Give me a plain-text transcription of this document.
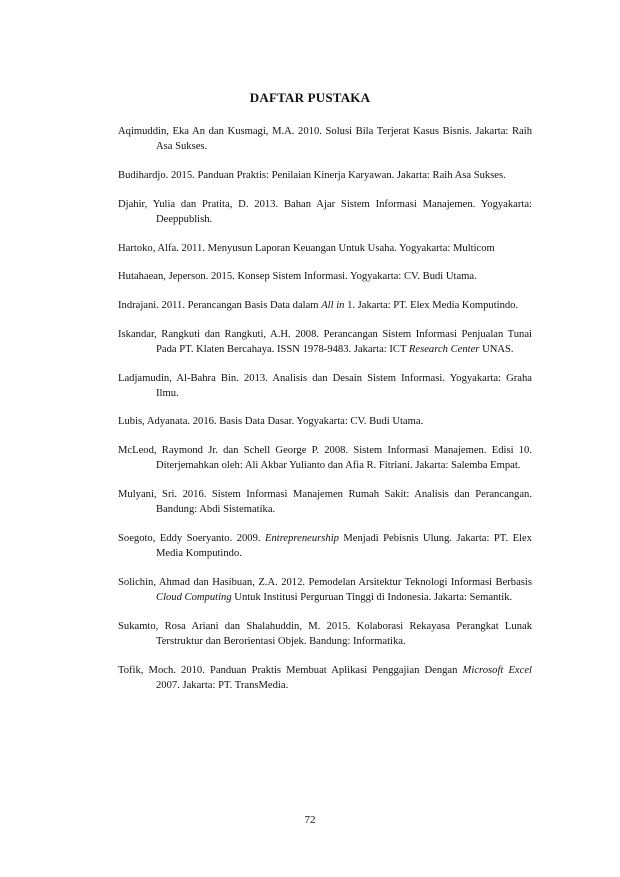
DAFTAR PUSTAKA

Aqimuddin, Eka An dan Kusmagi, M.A. 2010. Solusi Bila Terjerat Kasus Bisnis. Jakarta: Raih Asa Sukses.

Budihardjo. 2015. Panduan Praktis: Penilaian Kinerja Karyawan. Jakarta: Raih Asa Sukses.

Djahir, Yulia dan Pratita, D. 2013. Bahan Ajar Sistem Informasi Manajemen. Yogyakarta: Deeppublish.

Hartoko, Alfa. 2011. Menyusun Laporan Keuangan Untuk Usaha. Yogyakarta: Multicom

Hutahaean, Jeperson. 2015. Konsep Sistem Informasi. Yogyakarta: CV. Budi Utama.

Indrajani. 2011. Perancangan Basis Data dalam All in 1. Jakarta: PT. Elex Media Komputindo.

Iskandar, Rangkuti dan Rangkuti, A.H. 2008. Perancangan Sistem Informasi Penjualan Tunai Pada PT. Klaten Bercahaya. ISSN 1978-9483. Jakarta: ICT Research Center UNAS.

Ladjamudin, Al-Bahra Bin. 2013. Analisis dan Desain Sistem Informasi. Yogyakarta: Graha Ilmu.

Lubis, Adyanata. 2016. Basis Data Dasar. Yogyakarta: CV. Budi Utama.

McLeod, Raymond Jr. dan Schell George P. 2008. Sistem Informasi Manajemen. Edisi 10. Diterjemahkan oleh: Ali Akbar Yulianto dan Afia R. Fitriani. Jakarta: Salemba Empat.

Mulyani, Sri. 2016. Sistem Informasi Manajemen Rumah Sakit: Analisis dan Perancangan. Bandung: Abdi Sistematika.

Soegoto, Eddy Soeryanto. 2009. Entrepreneurship Menjadi Pebisnis Ulung. Jakarta: PT. Elex Media Komputindo.

Solichin, Ahmad dan Hasibuan, Z.A. 2012. Pemodelan Arsitektur Teknologi Informasi Berbasis Cloud Computing Untuk Institusi Perguruan Tinggi di Indonesia. Jakarta: Semantik.

Sukamto, Rosa Ariani dan Shalahuddin, M. 2015. Kolaborasi Rekayasa Perangkat Lunak Terstruktur dan Berorientasi Objek. Bandung: Informatika.

Tofik, Moch. 2010. Panduan Praktis Membuat Aplikasi Penggajian Dengan Microsoft Excel 2007. Jakarta: PT. TransMedia.

72
